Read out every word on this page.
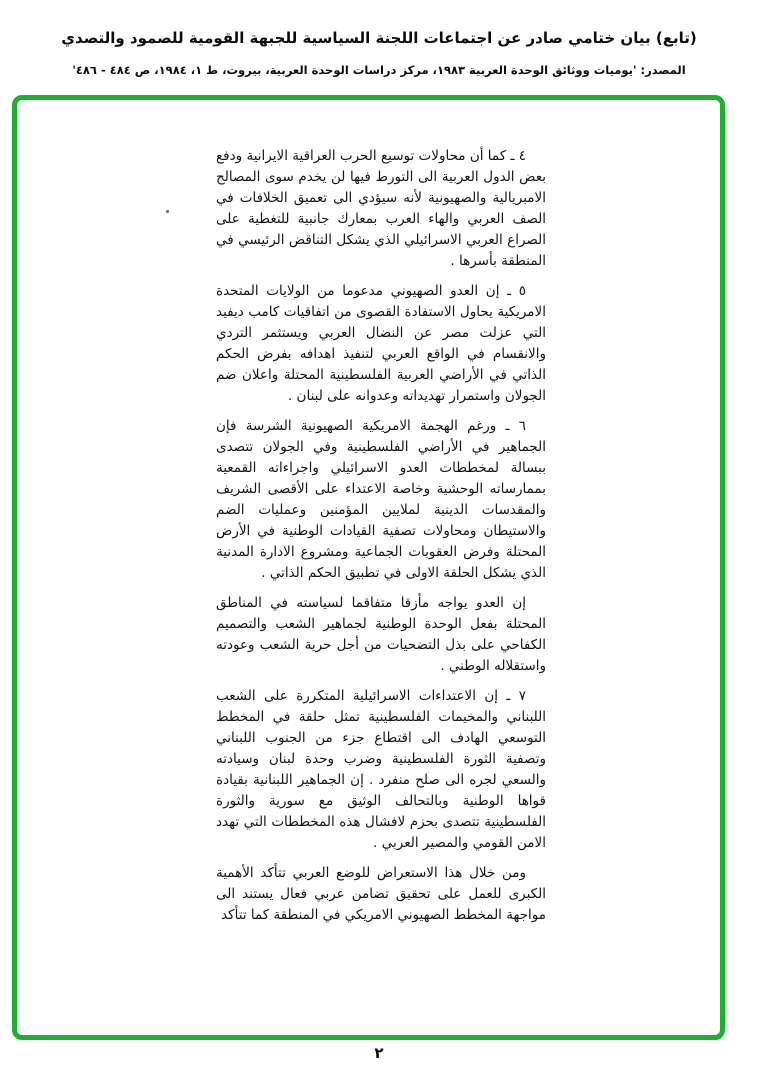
(تابع) بيان ختامي صادر عن اجتماعات اللجنة السياسية للجبهة القومية للصمود والتصدي
المصدر: 'يوميات ووثائق الوحدة العربية ١٩٨٣، مركز دراسات الوحدة العربية، بيروت، ط ١، ١٩٨٤، ص ٤٨٤ - ٤٨٦'

٤ ـ كما أن محاولات توسيع الحرب العراقية الايرانية ودفع بعض الدول العربية الى التورط فيها لن يخدم سوى المصالح الامبريالية والصهيونية لأنه سيؤدي الى تعميق الخلافات في الصف العربي والهاء العرب بمعارك جانبية للتغطية على الصراع العربي الاسرائيلي الذي يشكل التناقض الرئيسي في المنطقة بأسرها .

٥ ـ إن العدو الصهيوني مدعوما من الولايات المتحدة الامريكية يحاول الاستفادة القصوى من اتفاقيات كامب ديفيد التي عزلت مصر عن النضال العربي ويستثمر التردي والانقسام في الواقع العربي لتنفيذ اهدافه بفرض الحكم الذاتي في الأراضي العربية الفلسطينية المحتلة واعلان ضم الجولان واستمرار تهديداته وعدوانه على لبنان .

٦ ـ ورغم الهجمة الامريكية الصهيونية الشرسة فإن الجماهير في الأراضي الفلسطينية وفي الجولان تتصدى ببسالة لمخططات العدو الاسرائيلي واجراءاته القمعية بممارساته الوحشية وخاصة الاعتداء على الأقصى الشريف والمقدسات الدينية لملايين المؤمنين وعمليات الضم والاستيطان ومحاولات تصفية القيادات الوطنية في الأرض المحتلة وفرض العقوبات الجماعية ومشروع الادارة المدنية الذي يشكل الحلقة الاولى في تطبيق الحكم الذاتي .

إن العدو يواجه مأزقا متفاقما لسياسته في المناطق المحتلة بفعل الوحدة الوطنية لجماهير الشعب والتصميم الكفاحي على بذل التضحيات من أجل حرية الشعب وعودته واستقلاله الوطني .

٧ ـ إن الاعتداءات الاسرائيلية المتكررة على الشعب اللبناني والمخيمات الفلسطينية تمثل حلقة في المخطط التوسعي الهادف الى اقتطاع جزء من الجنوب اللبناني وتصفية الثورة الفلسطينية وضرب وحدة لبنان وسيادته والسعي لجره الى صلح منفرد . إن الجماهير اللبنانية بقيادة قواها الوطنية وبالتحالف الوثيق مع سورية والثورة الفلسطينية تتصدى بحزم لافشال هذه المخططات التي تهدد الامن القومي والمصير العربي .

ومن خلال هذا الاستعراض للوضع العربي تتأكد الأهمية الكبرى للعمل على تحقيق تضامن عربي فعال يستند الى مواجهة المخطط الصهيوني الامريكي في المنطقة كما تتأكد

٢
